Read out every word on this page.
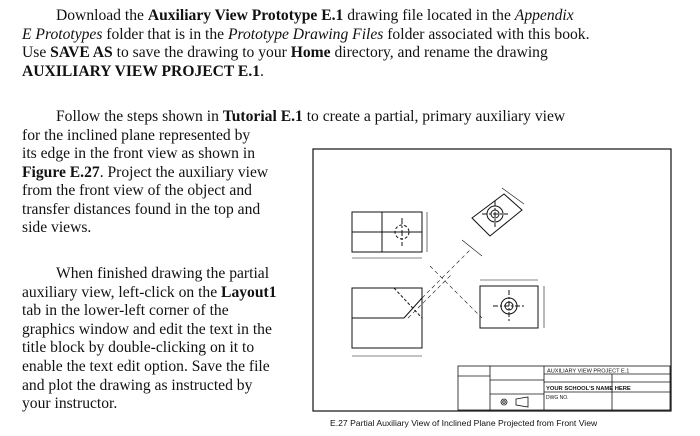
Download the Auxiliary View Prototype E.1 drawing file located in the Appendix
E Prototypes folder that is in the Prototype Drawing Files folder associated with this book.
Use SAVE AS to save the drawing to your Home directory, and rename the drawing
AUXILIARY VIEW PROJECT E.1.
Follow the steps shown in Tutorial E.1 to create a partial, primary auxiliary view
for the inclined plane represented by
its edge in the front view as shown in
Figure E.27. Project the auxiliary view
from the front view of the object and
transfer distances found in the top and
side views.
When finished drawing the partial
auxiliary view, left-click on the Layout1
tab in the lower-left corner of the
graphics window and edit the text in the
title block by double-clicking on it to
enable the text edit option. Save the file
and plot the drawing as instructed by
your instructor.
AUXILIARY VIEW PROJECT E.1
YOUR SCHOOL'S NAME HERE
DWG NO.
E.27 Partial Auxiliary View of Inclined Plane Projected from Front View
